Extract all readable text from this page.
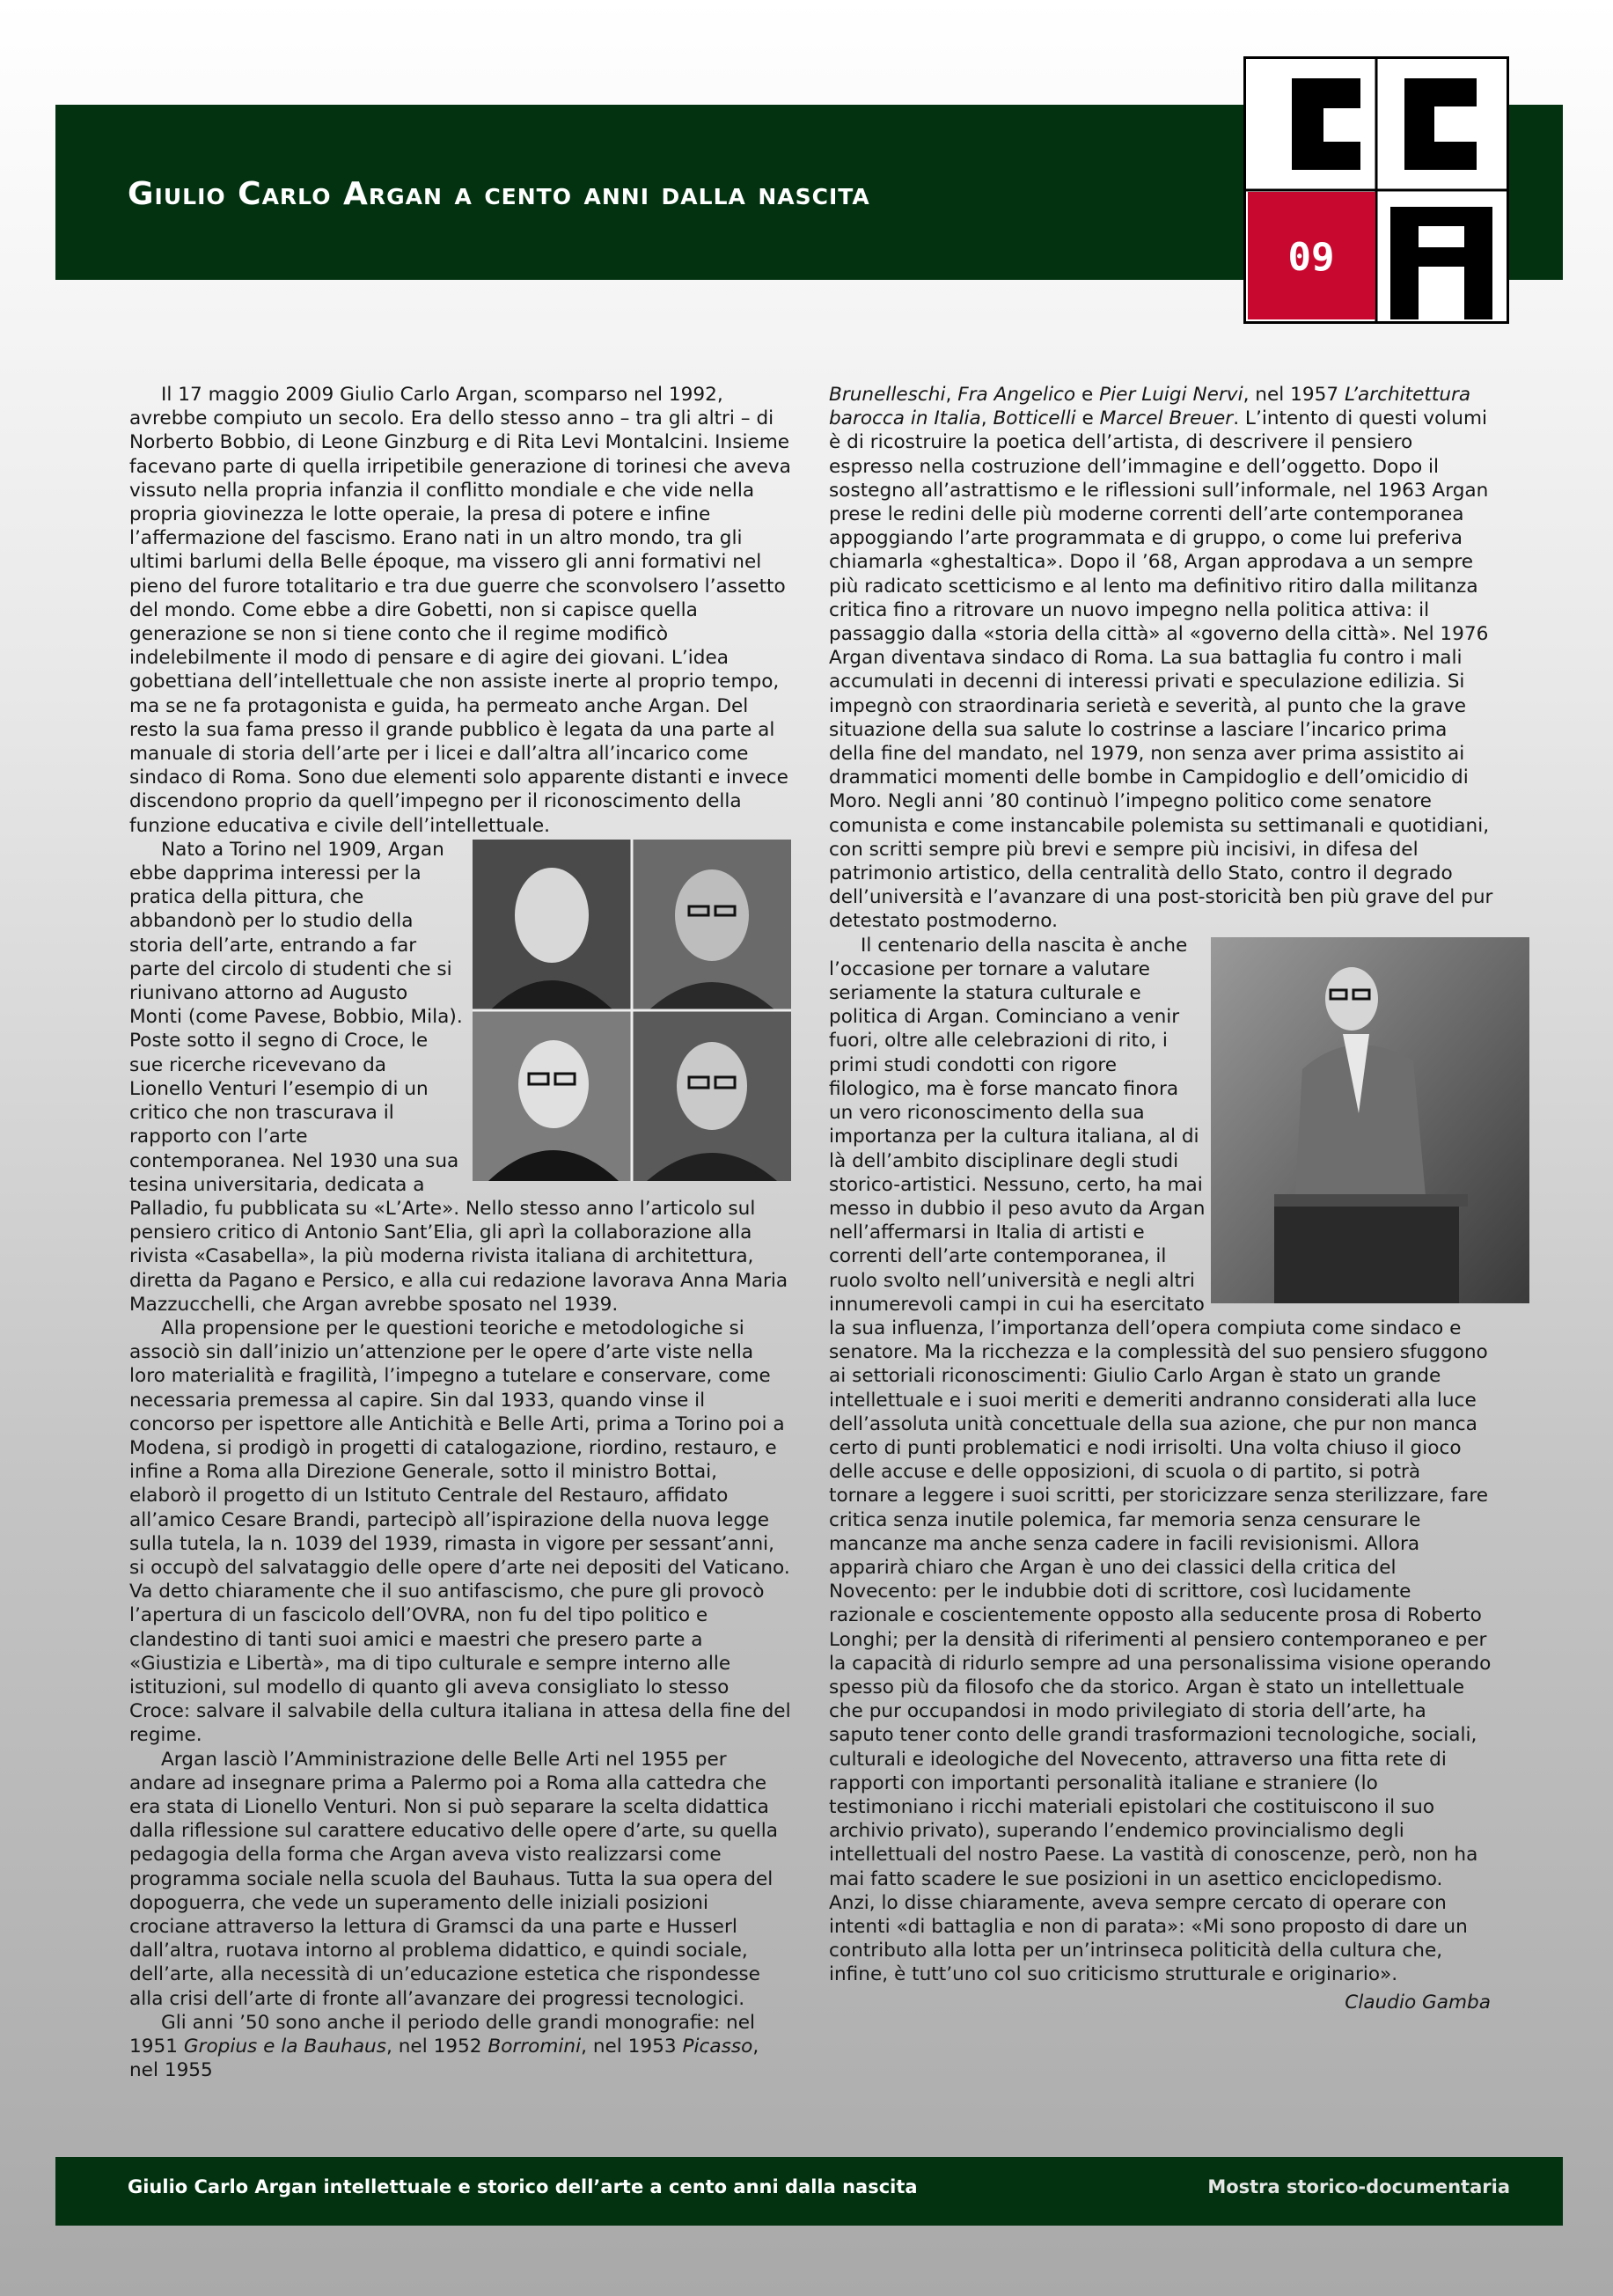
Giulio Carlo Argan a cento anni dalla nascita
09

Il 17 maggio 2009 Giulio Carlo Argan, scomparso nel 1992, avrebbe compiuto un secolo. Era dello stesso anno – tra gli altri – di Norberto Bobbio, di Leone Ginzburg e di Rita Levi Montalcini. Insieme facevano parte di quella irripetibile generazione di torinesi che aveva vissuto nella propria infanzia il conflitto mondiale e che vide nella propria giovinezza le lotte operaie, la presa di potere e infine l’affermazione del fascismo. Erano nati in un altro mondo, tra gli ultimi barlumi della Belle époque, ma vissero gli anni formativi nel pieno del furore totalitario e tra due guerre che sconvolsero l’assetto del mondo. Come ebbe a dire Gobetti, non si capisce quella generazione se non si tiene conto che il regime modificò indelebilmente il modo di pensare e di agire dei giovani. L’idea gobettiana dell’intellettuale che non assiste inerte al proprio tempo, ma se ne fa protagonista e guida, ha permeato anche Argan. Del resto la sua fama presso il grande pubblico è legata da una parte al manuale di storia dell’arte per i licei e dall’altra all’incarico come sindaco di Roma. Sono due elementi solo apparente distanti e invece discendono proprio da quell’impegno per il riconoscimento della funzione educativa e civile dell’intellettuale.

Nato a Torino nel 1909, Argan ebbe dapprima interessi per la pratica della pittura, che abbandonò per lo studio della storia dell’arte, entrando a far parte del circolo di studenti che si riunivano attorno ad Augusto Monti (come Pavese, Bobbio, Mila). Poste sotto il segno di Croce, le sue ricerche ricevevano da Lionello Venturi l’esempio di un critico che non trascurava il rapporto con l’arte contemporanea. Nel 1930 una sua tesina universitaria, dedicata a Palladio, fu pubblicata su «L’Arte». Nello stesso anno l’articolo sul pensiero critico di Antonio Sant’Elia, gli aprì la collaborazione alla rivista «Casabella», la più moderna rivista italiana di architettura, diretta da Pagano e Persico, e alla cui redazione lavorava Anna Maria Mazzucchelli, che Argan avrebbe sposato nel 1939.

Alla propensione per le questioni teoriche e metodologiche si associò sin dall’inizio un’attenzione per le opere d’arte viste nella loro materialità e fragilità, l’impegno a tutelare e conservare, come necessaria premessa al capire. Sin dal 1933, quando vinse il concorso per ispettore alle Antichità e Belle Arti, prima a Torino poi a Modena, si prodigò in progetti di catalogazione, riordino, restauro, e infine a Roma alla Direzione Generale, sotto il ministro Bottai, elaborò il progetto di un Istituto Centrale del Restauro, affidato all’amico Cesare Brandi, partecipò all’ispirazione della nuova legge sulla tutela, la n. 1039 del 1939, rimasta in vigore per sessant’anni, si occupò del salvataggio delle opere d’arte nei depositi del Vaticano. Va detto chiaramente che il suo antifascismo, che pure gli provocò l’apertura di un fascicolo dell’OVRA, non fu del tipo politico e clandestino di tanti suoi amici e maestri che presero parte a «Giustizia e Libertà», ma di tipo culturale e sempre interno alle istituzioni, sul modello di quanto gli aveva consigliato lo stesso Croce: salvare il salvabile della cultura italiana in attesa della fine del regime.

Argan lasciò l’Amministrazione delle Belle Arti nel 1955 per andare ad insegnare prima a Palermo poi a Roma alla cattedra che era stata di Lionello Venturi. Non si può separare la scelta didattica dalla riflessione sul carattere educativo delle opere d’arte, su quella pedagogia della forma che Argan aveva visto realizzarsi come programma sociale nella scuola del Bauhaus. Tutta la sua opera del dopoguerra, che vede un superamento delle iniziali posizioni crociane attraverso la lettura di Gramsci da una parte e Husserl dall’altra, ruotava intorno al problema didattico, e quindi sociale, dell’arte, alla necessità di un’educazione estetica che rispondesse alla crisi dell’arte di fronte all’avanzare dei progressi tecnologici.

Gli anni ’50 sono anche il periodo delle grandi monografie: nel 1951 Gropius e la Bauhaus, nel 1952 Borromini, nel 1953 Picasso, nel 1955

Brunelleschi, Fra Angelico e Pier Luigi Nervi, nel 1957 L’architettura barocca in Italia, Botticelli e Marcel Breuer. L’intento di questi volumi è di ricostruire la poetica dell’artista, di descrivere il pensiero espresso nella costruzione dell’immagine e dell’oggetto. Dopo il sostegno all’astrattismo e le riflessioni sull’informale, nel 1963 Argan prese le redini delle più moderne correnti dell’arte contemporanea appoggiando l’arte programmata e di gruppo, o come lui preferiva chiamarla «ghestaltica». Dopo il ’68, Argan approdava a un sempre più radicato scetticismo e al lento ma definitivo ritiro dalla militanza critica fino a ritrovare un nuovo impegno nella politica attiva: il passaggio dalla «storia della città» al «governo della città». Nel 1976 Argan diventava sindaco di Roma. La sua battaglia fu contro i mali accumulati in decenni di interessi privati e speculazione edilizia. Si impegnò con straordinaria serietà e severità, al punto che la grave situazione della sua salute lo costrinse a lasciare l’incarico prima della fine del mandato, nel 1979, non senza aver prima assistito ai drammatici momenti delle bombe in Campidoglio e dell’omicidio di Moro. Negli anni ’80 continuò l’impegno politico come senatore comunista e come instancabile polemista su settimanali e quotidiani, con scritti sempre più brevi e sempre più incisivi, in difesa del patrimonio artistico, della centralità dello Stato, contro il degrado dell’università e l’avanzare di una post-storicità ben più grave del pur detestato postmoderno.

Il centenario della nascita è anche l’occasione per tornare a valutare seriamente la statura culturale e politica di Argan. Cominciano a venir fuori, oltre alle celebrazioni di rito, i primi studi condotti con rigore filologico, ma è forse mancato finora un vero riconoscimento della sua importanza per la cultura italiana, al di là dell’ambito disciplinare degli studi storico-artistici. Nessuno, certo, ha mai messo in dubbio il peso avuto da Argan nell’affermarsi in Italia di artisti e correnti dell’arte contemporanea, il ruolo svolto nell’università e negli altri innumerevoli campi in cui ha esercitato la sua influenza, l’importanza dell’opera compiuta come sindaco e senatore. Ma la ricchezza e la complessità del suo pensiero sfuggono ai settoriali riconoscimenti: Giulio Carlo Argan è stato un grande intellettuale e i suoi meriti e demeriti andranno considerati alla luce dell’assoluta unità concettuale della sua azione, che pur non manca certo di punti problematici e nodi irrisolti. Una volta chiuso il gioco delle accuse e delle opposizioni, di scuola o di partito, si potrà tornare a leggere i suoi scritti, per storicizzare senza sterilizzare, fare critica senza inutile polemica, far memoria senza censurare le mancanze ma anche senza cadere in facili revisionismi. Allora apparirà chiaro che Argan è uno dei classici della critica del Novecento: per le indubbie doti di scrittore, così lucidamente razionale e coscientemente opposto alla seducente prosa di Roberto Longhi; per la densità di riferimenti al pensiero contemporaneo e per la capacità di ridurlo sempre ad una personalissima visione operando spesso più da filosofo che da storico. Argan è stato un intellettuale che pur occupandosi in modo privilegiato di storia dell’arte, ha saputo tener conto delle grandi trasformazioni tecnologiche, sociali, culturali e ideologiche del Novecento, attraverso una fitta rete di rapporti con importanti personalità italiane e straniere (lo testimoniano i ricchi materiali epistolari che costituiscono il suo archivio privato), superando l’endemico provincialismo degli intellettuali del nostro Paese. La vastità di conoscenze, però, non ha mai fatto scadere le sue posizioni in un asettico enciclopedismo. Anzi, lo disse chiaramente, aveva sempre cercato di operare con intenti «di battaglia e non di parata»: «Mi sono proposto di dare un contributo alla lotta per un’intrinseca politicità della cultura che, infine, è tutt’uno col suo criticismo strutturale e originario».

Claudio Gamba
Giulio Carlo Argan intellettuale e storico dell’arte a cento anni dalla nascita	Mostra storico-documentaria
